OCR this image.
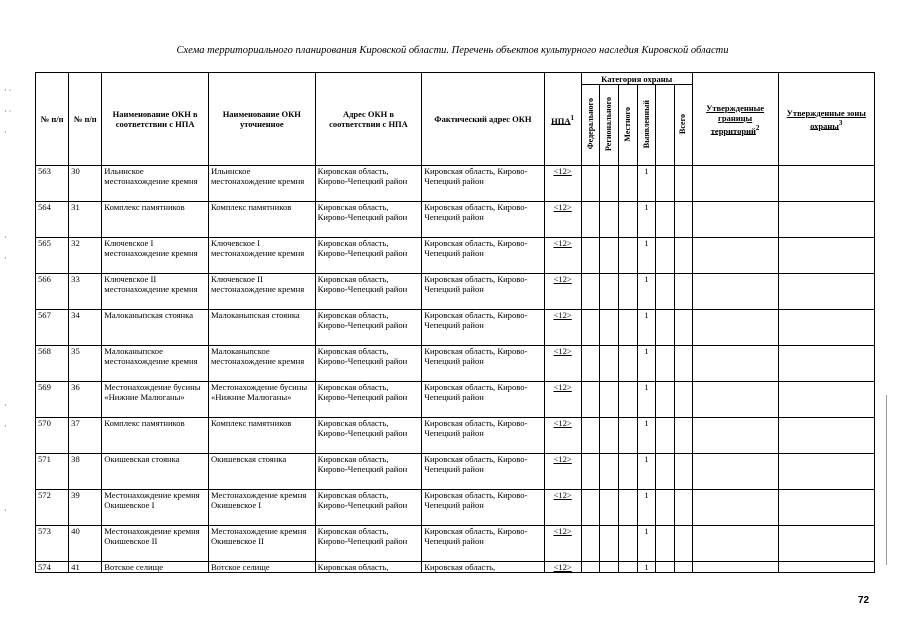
Схема территориального планирования Кировской области. Перечень объектов культурного наследия Кировской области
· ·
· ·
·

·
·

·
·

·
№ п/п	№ п/п	Наименование ОКН в соответствии с НПА	Наименование ОКН уточненное	Адрес ОКН в соответствии с НПА	Фактический адрес ОКН	НПА$^1$	Категория охраны						Утвержденные границы территорий$^2$	Утвержденные зоны охраны$^3$
							Федерального	Регионального	Местного	Выявленный		Всего		
563	30	Ильинское местонахождение кремня	Ильинское местонахождение кремня	Кировская область, Кирово-Чепецкий район	Кировская область, Кирово-Чепецкий район	<12>				1				
564	31	Комплекс памятников	Комплекс памятников	Кировская область, Кирово-Чепецкий район	Кировская область, Кирово-Чепецкий район	<12>				1				
565	32	Ключевское I местонахождение кремня	Ключевское I местонахождение кремня	Кировская область, Кирово-Чепецкий район	Кировская область, Кирово-Чепецкий район	<12>				1				
566	33	Ключевское II местонахождение кремня	Ключевское II местонахождение кремня	Кировская область, Кирово-Чепецкий район	Кировская область, Кирово-Чепецкий район	<12>				1				
567	34	Малоканыпская стоянка	Малоканыпская стоянка	Кировская область, Кирово-Чепецкий район	Кировская область, Кирово-Чепецкий район	<12>				1				
568	35	Малоканыпское местонахождение кремня	Малоканыпское местонахождение кремня	Кировская область, Кирово-Чепецкий район	Кировская область, Кирово-Чепецкий район	<12>				1				
569	36	Местонахождение бусины «Нижние Малюганы»	Местонахождение бусины «Нижние Малюганы»	Кировская область, Кирово-Чепецкий район	Кировская область, Кирово-Чепецкий район	<12>				1				
570	37	Комплекс памятников	Комплекс памятников	Кировская область, Кирово-Чепецкий район	Кировская область, Кирово-Чепецкий район	<12>				1				
571	38	Окишевская стоянка	Окишевская стоянка	Кировская область, Кирово-Чепецкий район	Кировская область, Кирово-Чепецкий район	<12>				1				
572	39	Местонахождение кремня Окишевское I	Местонахождение кремня Окишевское I	Кировская область, Кирово-Чепецкий район	Кировская область, Кирово-Чепецкий район	<12>				1				
573	40	Местонахождение кремня Окишевское II	Местонахождение кремня Окишевское II	Кировская область, Кирово-Чепецкий район	Кировская область, Кирово-Чепецкий район	<12>				1				
574	41	Вотское селище	Вотское селище	Кировская область,	Кировская область,	<12>				1				
72
